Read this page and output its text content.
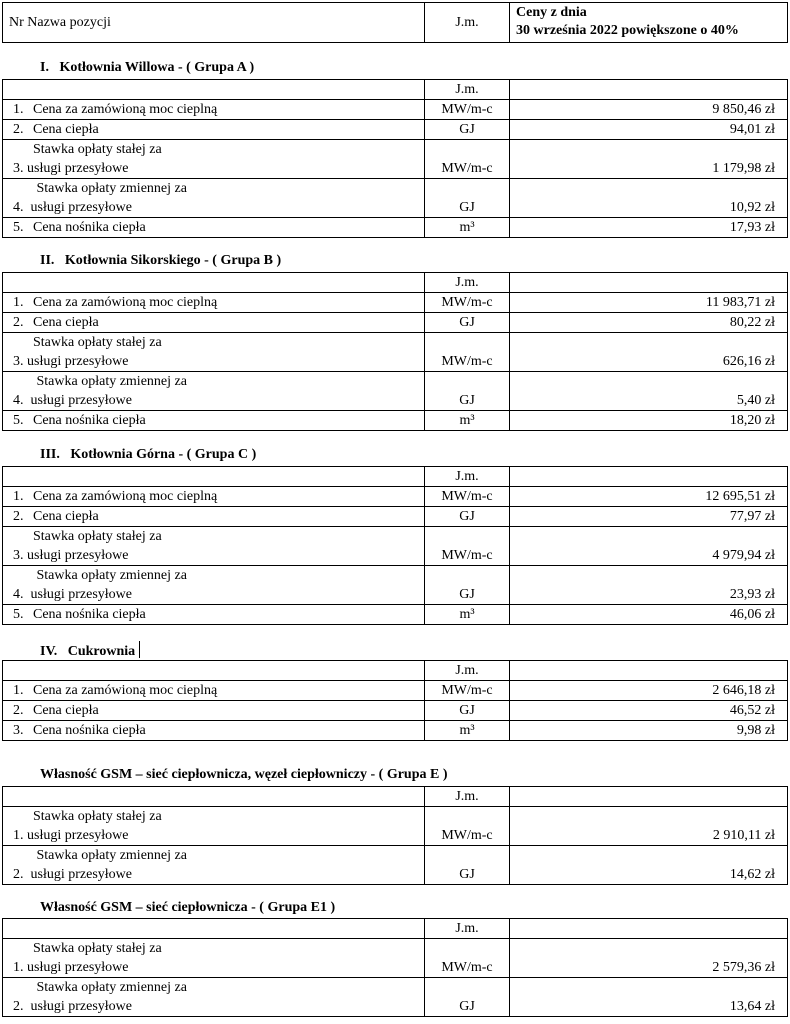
Nr Nazwa pozycji	J.m.	
Ceny z dnia
30 września 2022 powiększone o 40%
I.   Kotłownia Willowa - ( Grupa A )
	J.m.	
1. Cena za zamówioną moc cieplną	MW/m-c	9 850,46 zł
2. Cena ciepła	GJ	94,01 zł
3.
Stawka opłaty stałej za
usługi przesyłowe	MW/m-c	1 179,98 zł
4.
Stawka opłaty zmiennej za
usługi przesyłowe	GJ	10,92 zł
5. Cena nośnika ciepła	m³	17,93 zł
II.   Kotłownia Sikorskiego - ( Grupa B )
	J.m.	
1. Cena za zamówioną moc cieplną	MW/m-c	11 983,71 zł
2. Cena ciepła	GJ	80,22 zł
3.
Stawka opłaty stałej za
usługi przesyłowe	MW/m-c	626,16 zł
4.
Stawka opłaty zmiennej za
usługi przesyłowe	GJ	5,40 zł
5. Cena nośnika ciepła	m³	18,20 zł
III.   Kotłownia Górna - ( Grupa C )
	J.m.	
1. Cena za zamówioną moc cieplną	MW/m-c	12 695,51 zł
2. Cena ciepła	GJ	77,97 zł
3.
Stawka opłaty stałej za
usługi przesyłowe	MW/m-c	4 979,94 zł
4.
Stawka opłaty zmiennej za
usługi przesyłowe	GJ	23,93 zł
5. Cena nośnika ciepła	m³	46,06 zł
IV.   Cukrownia
	J.m.	
1. Cena za zamówioną moc cieplną	MW/m-c	2 646,18 zł
2. Cena ciepła	GJ	46,52 zł
3. Cena nośnika ciepła	m³	9,98 zł
Własność GSM – sieć ciepłownicza, węzeł ciepłowniczy - ( Grupa E )
	J.m.	
1.
Stawka opłaty stałej za
usługi przesyłowe	MW/m-c	2 910,11 zł
2.
Stawka opłaty zmiennej za
usługi przesyłowe	GJ	14,62 zł
Własność GSM – sieć ciepłownicza - ( Grupa E1 )
	J.m.	
1.
Stawka opłaty stałej za
usługi przesyłowe	MW/m-c	2 579,36 zł
2.
Stawka opłaty zmiennej za
usługi przesyłowe	GJ	13,64 zł
